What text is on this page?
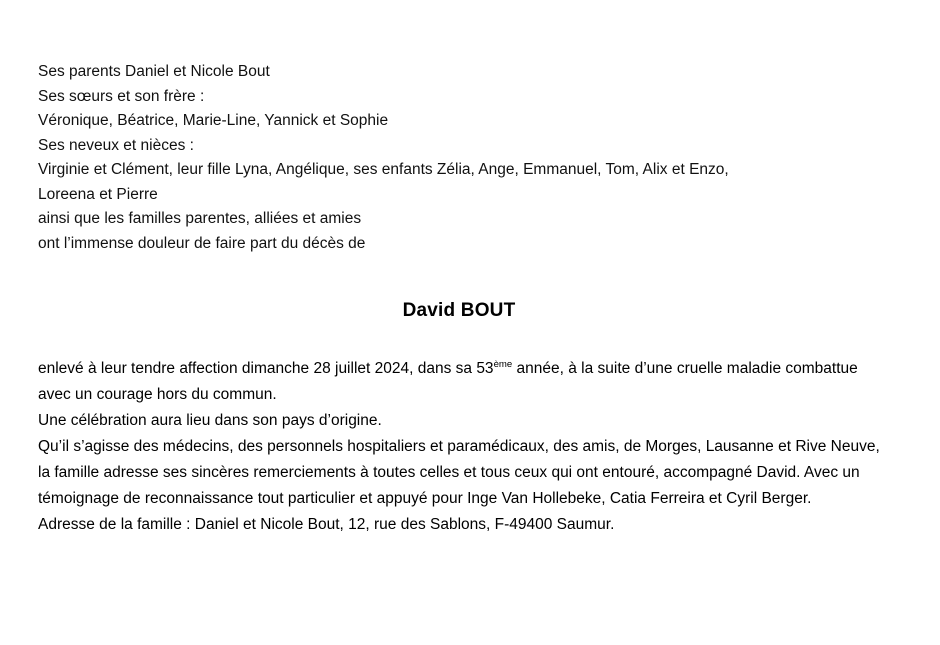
Ses parents Daniel et Nicole Bout
Ses sœurs et son frère :
Véronique, Béatrice, Marie-Line, Yannick et Sophie
Ses neveux et nièces :
Virginie et Clément, leur fille Lyna, Angélique, ses enfants Zélia, Ange, Emmanuel, Tom, Alix et Enzo,
Loreena et Pierre
ainsi que les familles parentes, alliées et amies
ont l’immense douleur de faire part du décès de
David BOUT

enlevé à leur tendre affection dimanche 28 juillet 2024, dans sa 53ème année, à la suite d’une cruelle maladie combattue avec un courage hors du commun.

Une célébration aura lieu dans son pays d’origine.

Qu’il s’agisse des médecins, des personnels hospitaliers et paramédicaux, des amis, de Morges, Lausanne et Rive Neuve, la famille adresse ses sincères remerciements à toutes celles et tous ceux qui ont entouré, accompagné David. Avec un témoignage de reconnaissance tout particulier et appuyé pour Inge Van Hollebeke, Catia Ferreira et Cyril Berger.

Adresse de la famille : Daniel et Nicole Bout, 12, rue des Sablons, F-49400 Saumur.
